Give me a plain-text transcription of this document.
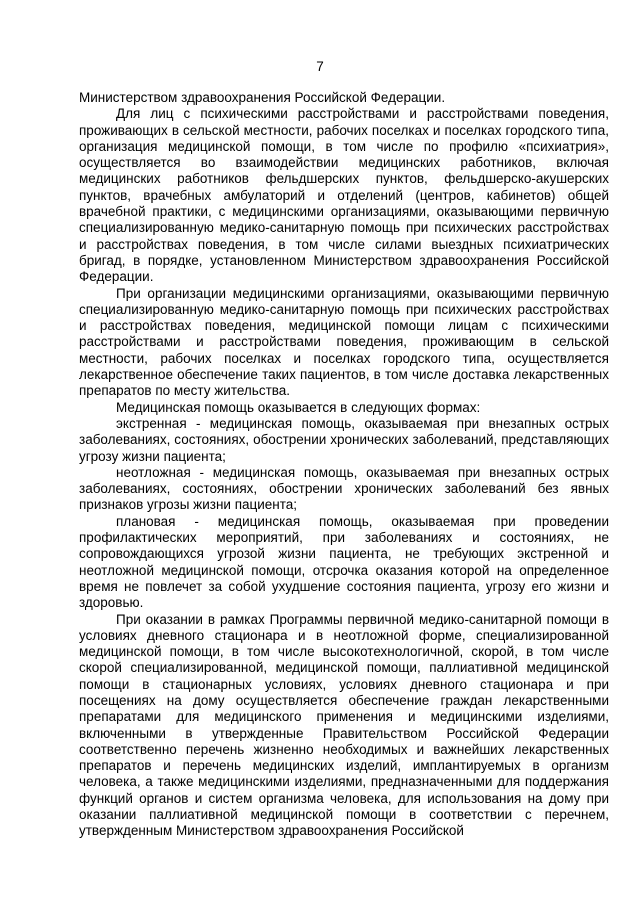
7

Министерством здравоохранения Российской Федерации.

Для лиц с психическими расстройствами и расстройствами поведения, проживающих в сельской местности, рабочих поселках и поселках городского типа, организация медицинской помощи, в том числе по профилю «психиатрия», осуществляется во взаимодействии медицинских работников, включая медицинских работников фельдшерских пунктов, фельдшерско-акушерских пунктов, врачебных амбулаторий и отделений (центров, кабинетов) общей врачебной практики, с медицинскими организациями, оказывающими первичную специализированную медико-санитарную помощь при психических расстройствах и расстройствах поведения, в том числе силами выездных психиатрических бригад, в порядке, установленном Министерством здравоохранения Российской Федерации.

При организации медицинскими организациями, оказывающими первичную специализированную медико-санитарную помощь при психических расстройствах и расстройствах поведения, медицинской помощи лицам с психическими расстройствами и расстройствами поведения, проживающим в сельской местности, рабочих поселках и поселках городского типа, осуществляется лекарственное обеспечение таких пациентов, в том числе доставка лекарственных препаратов по месту жительства.

Медицинская помощь оказывается в следующих формах:

экстренная - медицинская помощь, оказываемая при внезапных острых заболеваниях, состояниях, обострении хронических заболеваний, представляющих угрозу жизни пациента;

неотложная - медицинская помощь, оказываемая при внезапных острых заболеваниях, состояниях, обострении хронических заболеваний без явных признаков угрозы жизни пациента;

плановая - медицинская помощь, оказываемая при проведении профилактических мероприятий, при заболеваниях и состояниях, не сопровождающихся угрозой жизни пациента, не требующих экстренной и неотложной медицинской помощи, отсрочка оказания которой на определенное время не повлечет за собой ухудшение состояния пациента, угрозу его жизни и здоровью.

При оказании в рамках Программы первичной медико-санитарной помощи в условиях дневного стационара и в неотложной форме, специализированной медицинской помощи, в том числе высокотехнологичной, скорой, в том числе скорой специализированной, медицинской помощи, паллиативной медицинской помощи в стационарных условиях, условиях дневного стационара и при посещениях на дому осуществляется обеспечение граждан лекарственными препаратами для медицинского применения и медицинскими изделиями, включенными в утвержденные Правительством Российской Федерации соответственно перечень жизненно необходимых и важнейших лекарственных препаратов и перечень медицинских изделий, имплантируемых в организм человека, а также медицинскими изделиями, предназначенными для поддержания функций органов и систем организма человека, для использования на дому при оказании паллиативной медицинской помощи в соответствии с перечнем, утвержденным Министерством здравоохранения Российской
